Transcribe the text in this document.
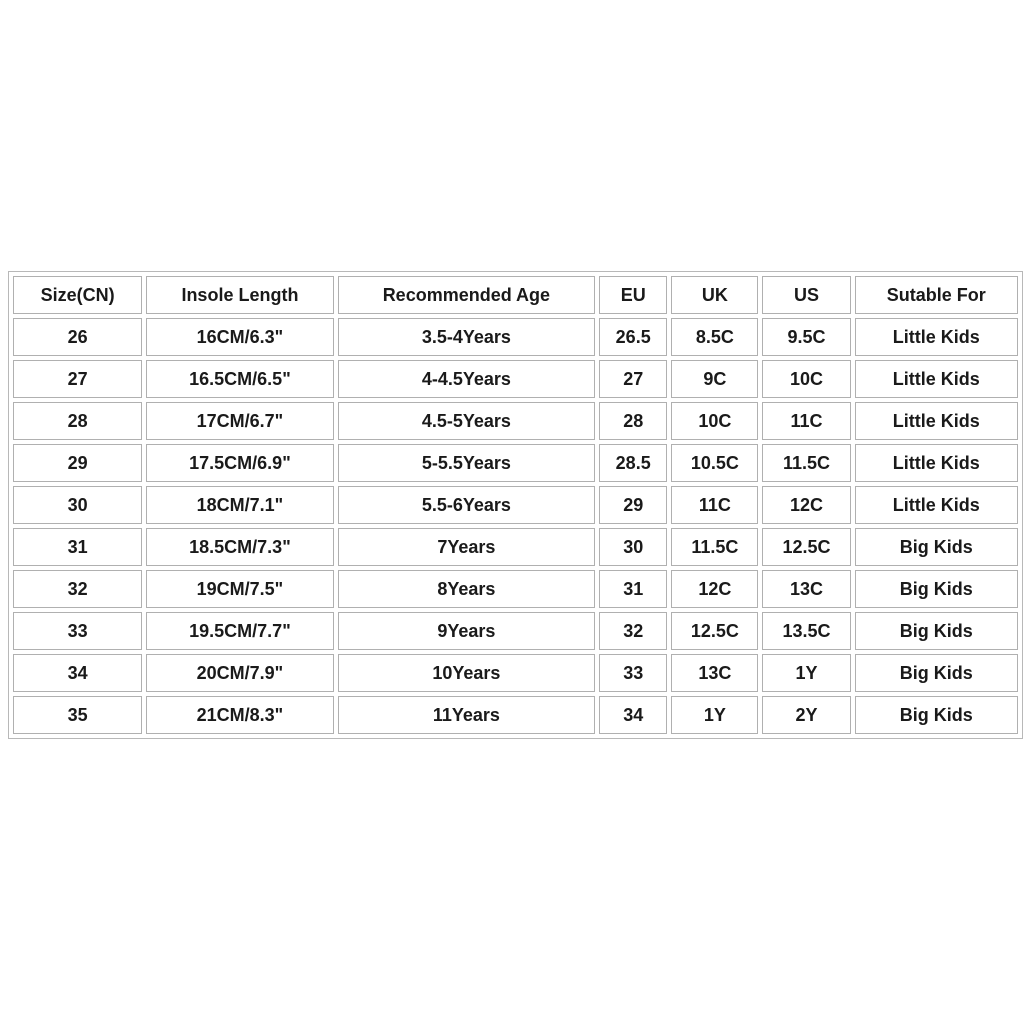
Size(CN)	Insole Length	Recommended Age	EU	UK	US	Sutable For
26	16CM/6.3"	3.5-4Years	26.5	8.5C	9.5C	Little Kids
27	16.5CM/6.5"	4-4.5Years	27	9C	10C	Little Kids
28	17CM/6.7"	4.5-5Years	28	10C	11C	Little Kids
29	17.5CM/6.9"	5-5.5Years	28.5	10.5C	11.5C	Little Kids
30	18CM/7.1"	5.5-6Years	29	11C	12C	Little Kids
31	18.5CM/7.3"	7Years	30	11.5C	12.5C	Big Kids
32	19CM/7.5"	8Years	31	12C	13C	Big Kids
33	19.5CM/7.7"	9Years	32	12.5C	13.5C	Big Kids
34	20CM/7.9"	10Years	33	13C	1Y	Big Kids
35	21CM/8.3"	11Years	34	1Y	2Y	Big Kids
